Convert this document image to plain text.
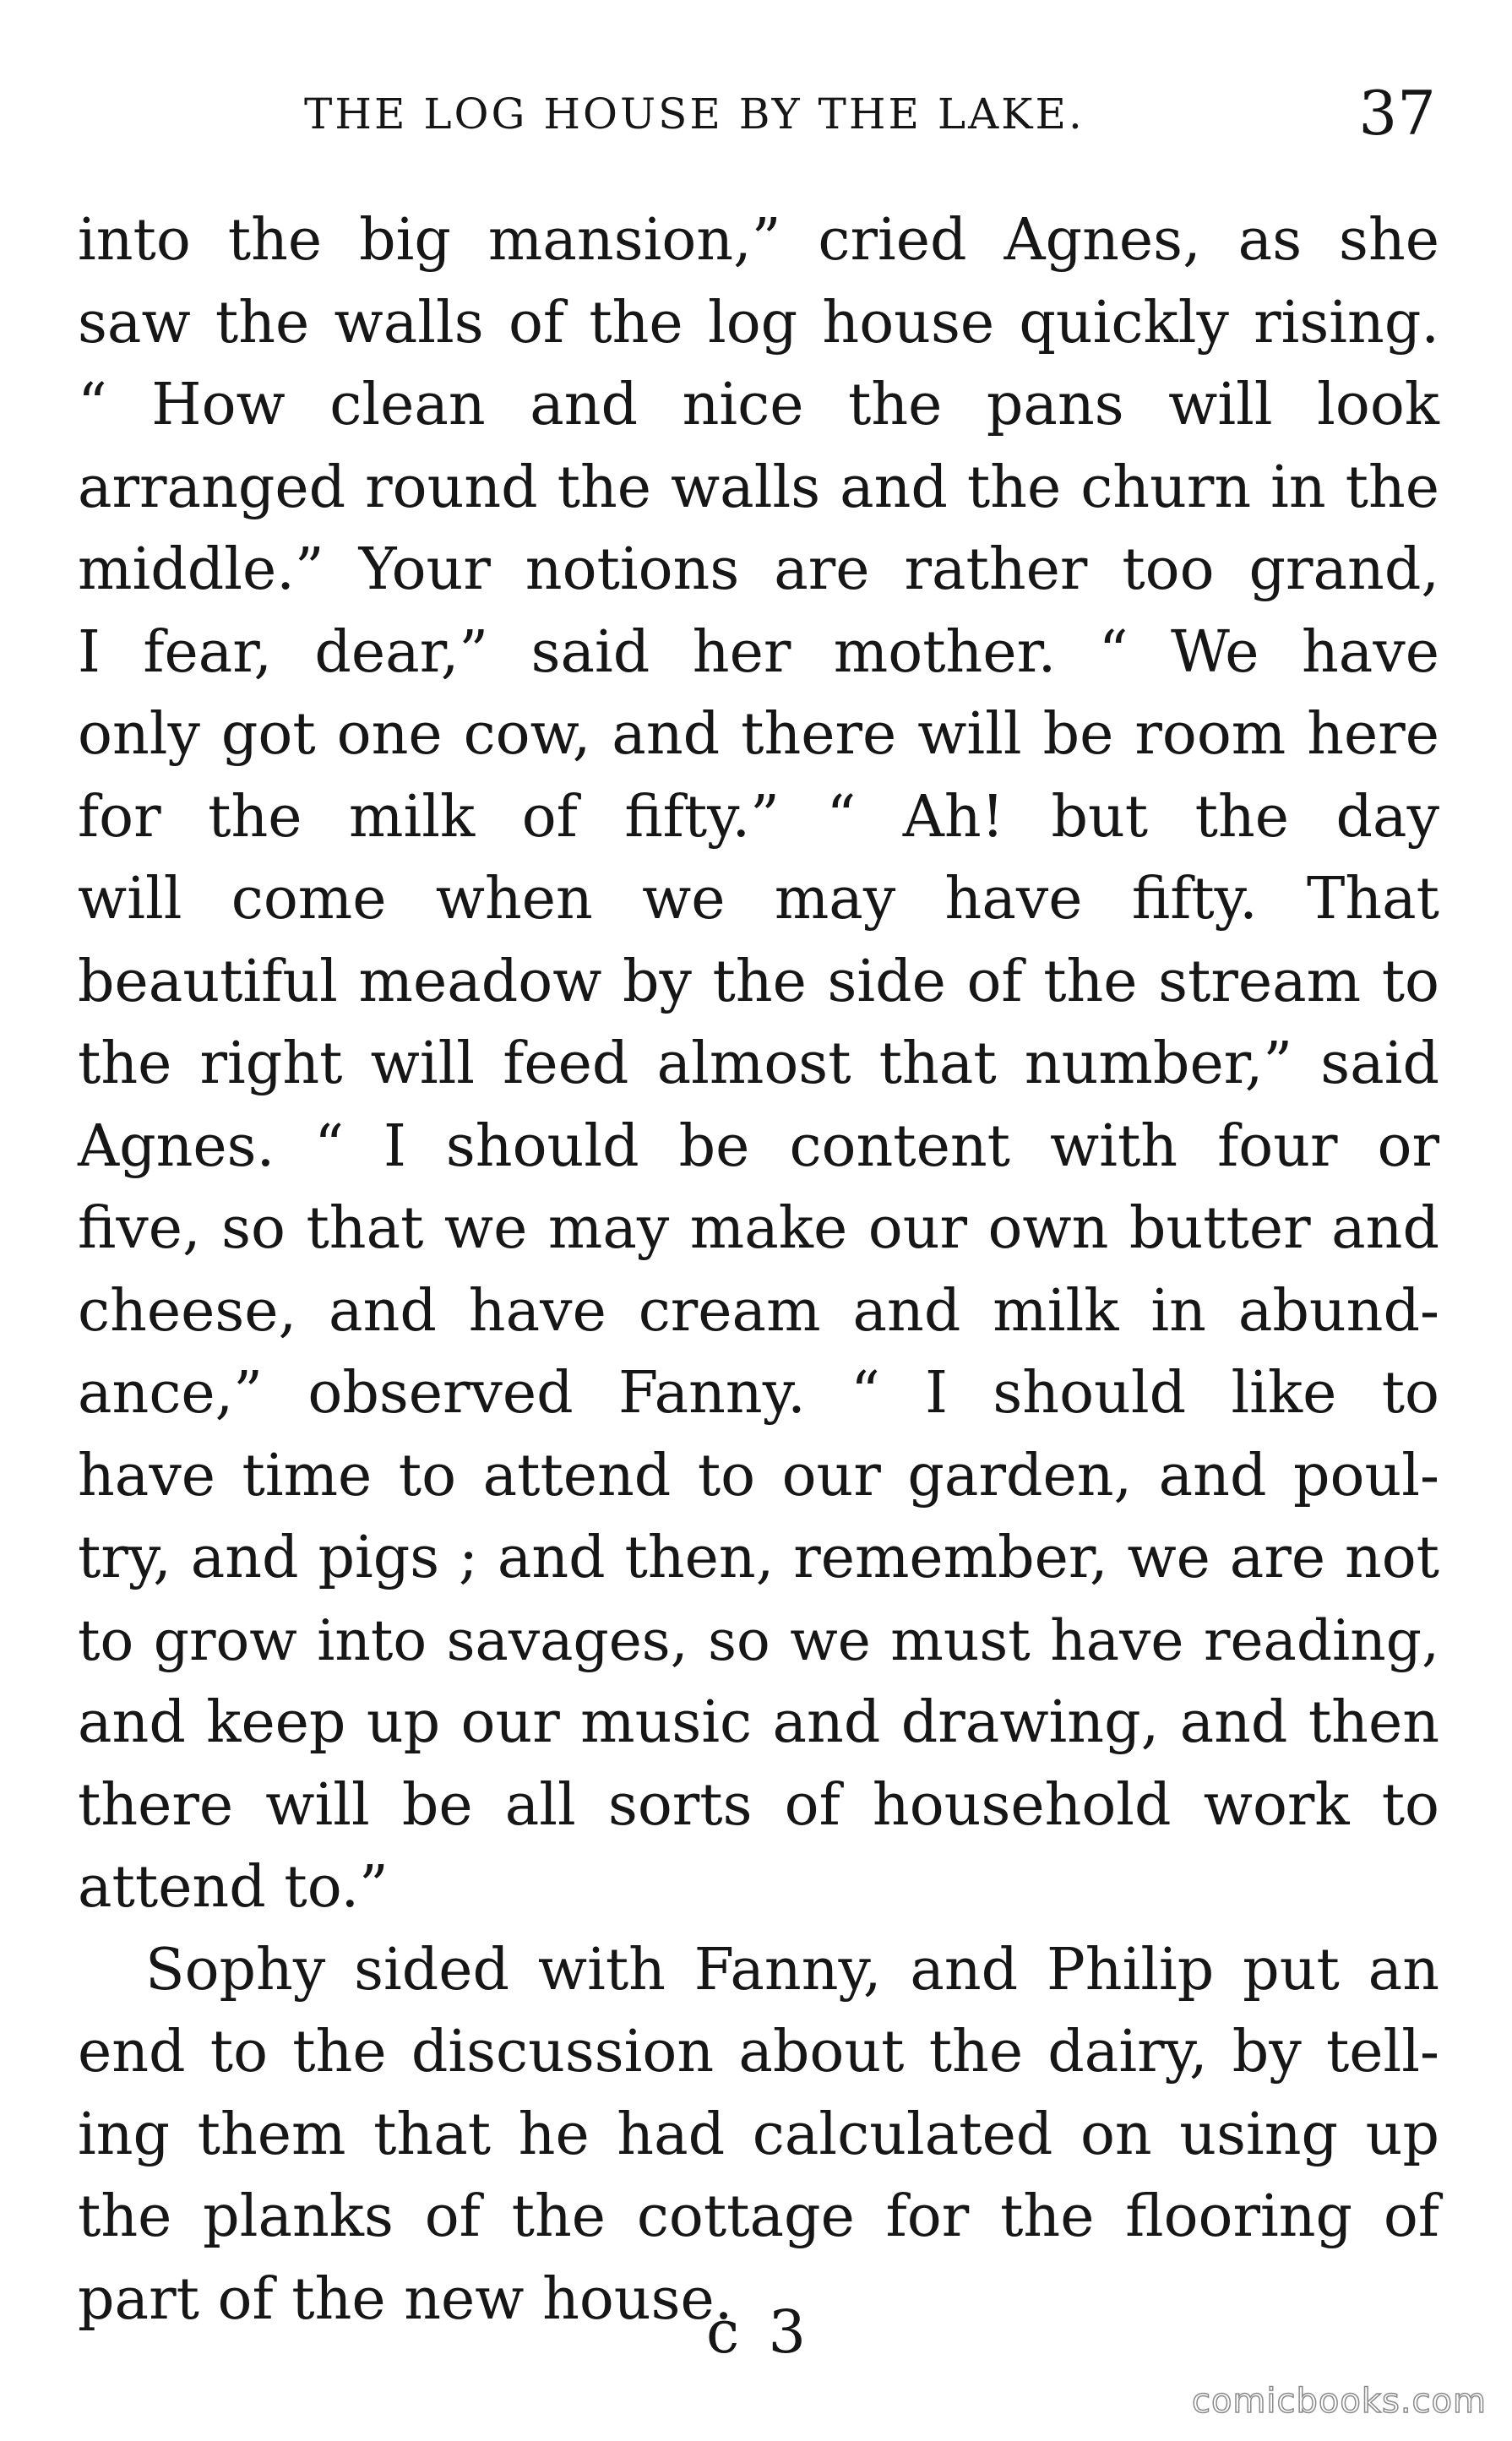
THE LOG HOUSE BY THE LAKE.	37
into the big mansion,” cried Agnes, as she
saw the walls of the log house quickly rising.
“ How clean and nice the pans will look
arranged round the walls and the churn in the
middle.” Your notions are rather too grand,
I fear, dear,” said her mother. “ We have
only got one cow, and there will be room here
for the milk of fifty.” “ Ah! but the day
will come when we may have fifty. That
beautiful meadow by the side of the stream to
the right will feed almost that number,” said
Agnes. “ I should be content with four or
five, so that we may make our own butter and
cheese, and have cream and milk in abund-
ance,” observed Fanny. “ I should like to
have time to attend to our garden, and poul-
try, and pigs ; and then, remember, we are not
to grow into savages, so we must have reading,
and keep up our music and drawing, and then
there will be all sorts of household work to
attend to.”
Sophy sided with Fanny, and Philip put an
end to the discussion about the dairy, by tell-
ing them that he had calculated on using up
the planks of the cottage for the flooring of
part of the new house.
c 3
comicbooks.com
